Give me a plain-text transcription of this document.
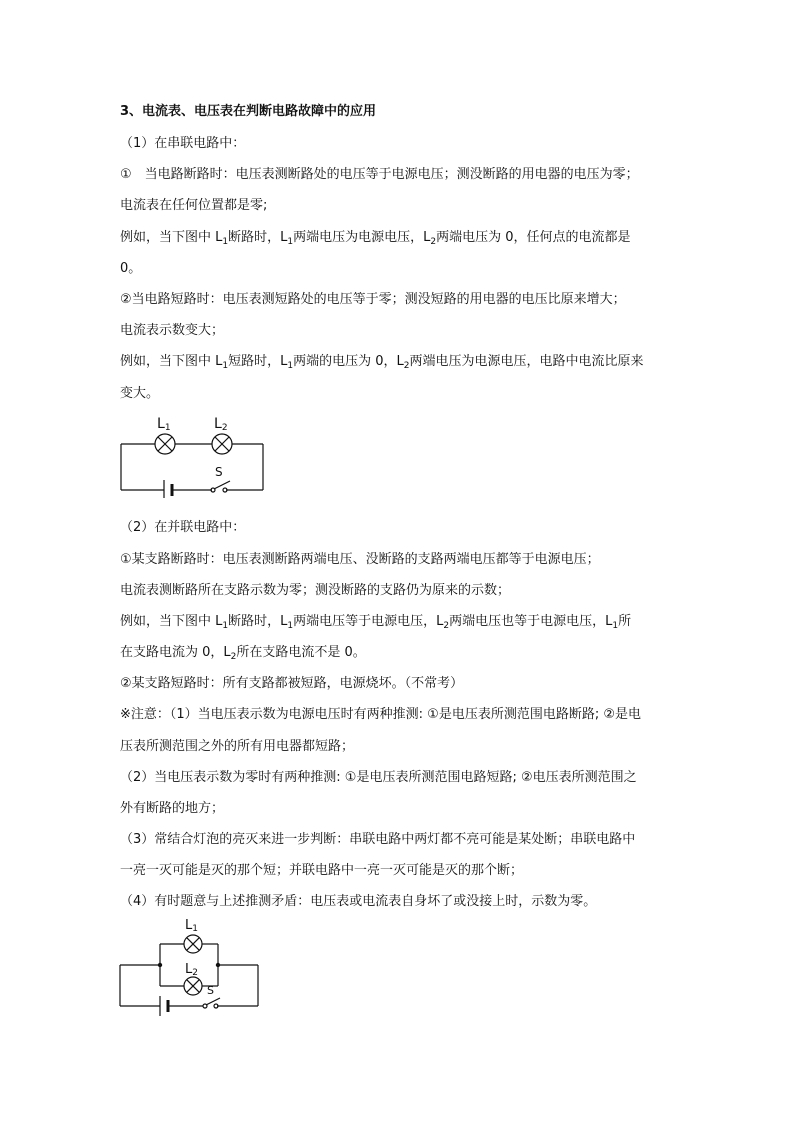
3、电流表、电压表在判断电路故障中的应用
（1）在串联电路中：
①　当电路断路时：电压表测断路处的电压等于电源电压；测没断路的用电器的电压为零；
电流表在任何位置都是零;
例如，当下图中 $L_1$断路时，$L_1$两端电压为电源电压，$L_2$两端电压为 0，任何点的电流都是
0。
②当电路短路时：电压表测短路处的电压等于零；测没短路的用电器的电压比原来增大；
电流表示数变大；
例如，当下图中 $L_1$短路时，$L_1$两端的电压为 0，$L_2$两端电压为电源电压，电路中电流比原来
变大。
L1	L2
S
（2）在并联电路中：
①某支路断路时：电压表测断路两端电压、没断路的支路两端电压都等于电源电压；
电流表测断路所在支路示数为零；测没断路的支路仍为原来的示数；
例如，当下图中 $L_1$断路时，$L_1$两端电压等于电源电压，$L_2$两端电压也等于电源电压，$L_1$所
在支路电流为 0，$L_2$所在支路电流不是 0。
②某支路短路时：所有支路都被短路，电源烧坏。（不常考）
※注意：（1）当电压表示数为电源电压时有两种推测: ①是电压表所测范围电路断路; ②是电
压表所测范围之外的所有用电器都短路；
（2）当电压表示数为零时有两种推测: ①是电压表所测范围电路短路; ②电压表所测范围之
外有断路的地方；
（3）常结合灯泡的亮灭来进一步判断：串联电路中两灯都不亮可能是某处断；串联电路中
一亮一灭可能是灭的那个短；并联电路中一亮一灭可能是灭的那个断；
（4）有时题意与上述推测矛盾：电压表或电流表自身坏了或没接上时，示数为零。
L1
L2
S
